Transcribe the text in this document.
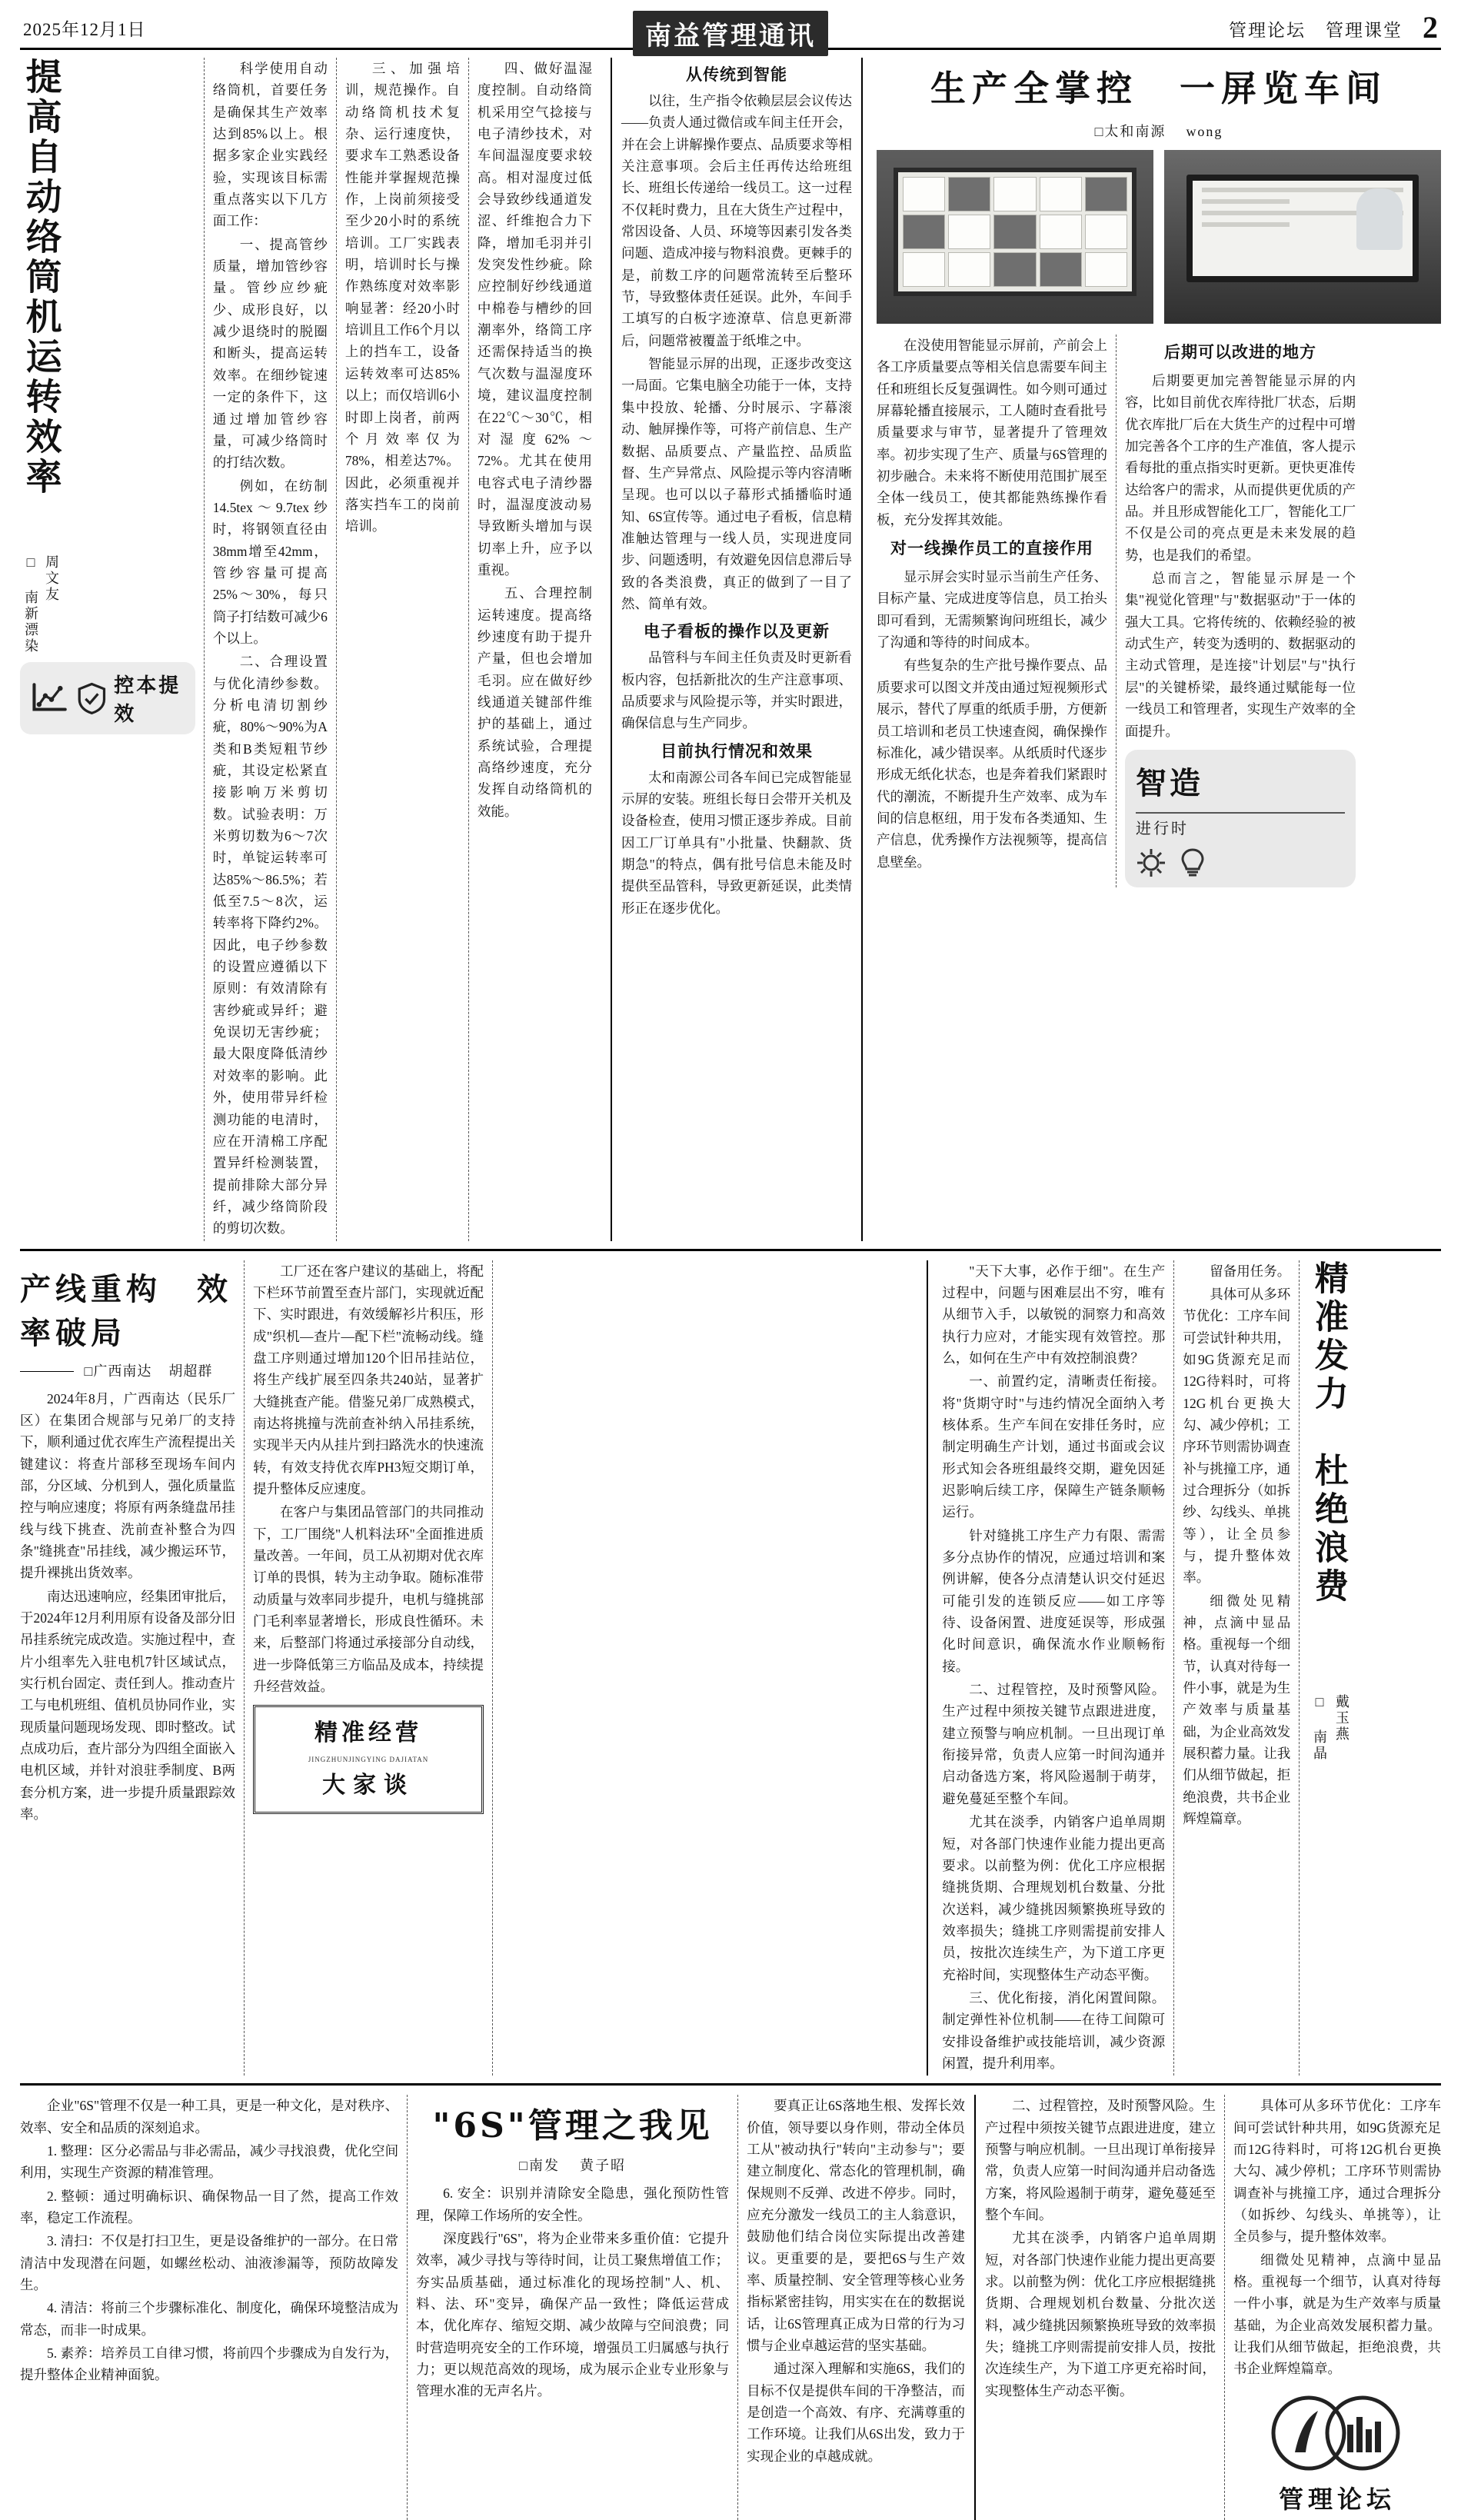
2025年12月1日	南益管理通讯	管理论坛 管理课堂 2
提高自动络筒机运转效率
□ 南新漂染 周文友
控本提效

科学使用自动络筒机，首要任务是确保其生产效率达到85%以上。根据多家企业实践经验，实现该目标需重点落实以下几方面工作：

一、提高管纱质量，增加管纱容量。管纱应纱疵少、成形良好，以减少退绕时的脱圈和断头，提高运转效率。在细纱锭速一定的条件下，这通过增加管纱容量，可减少络筒时的打结次数。

例如，在纺制14.5tex～9.7tex纱时，将钢领直径由38mm增至42mm，管纱容量可提高25%～30%，每只筒子打结数可减少6个以上。

二、合理设置与优化清纱参数。分析电清切割纱疵，80%～90%为A类和B类短粗节纱疵，其设定松紧直接影响万米剪切数。试验表明：万米剪切数为6～7次时，单锭运转率可达85%～86.5%；若低至7.5～8次，运转率将下降约2%。因此，电子纱参数的设置应遵循以下原则：有效清除有害纱疵或异纤；避免误切无害纱疵；最大限度降低清纱对效率的影响。此外，使用带异纤检测功能的电清时，应在开清棉工序配置异纤检测装置，提前排除大部分异纤，减少络筒阶段的剪切次数。

三、加强培训，规范操作。自动络筒机技术复杂、运行速度快，要求车工熟悉设备性能并掌握规范操作，上岗前须接受至少20小时的系统培训。工厂实践表明，培训时长与操作熟练度对效率影响显著：经20小时培训且工作6个月以上的挡车工，设备运转效率可达85%以上；而仅培训6小时即上岗者，前两个月效率仅为78%，相差达7%。因此，必须重视并落实挡车工的岗前培训。

四、做好温湿度控制。自动络筒机采用空气捻接与电子清纱技术，对车间温湿度要求较高。相对湿度过低会导致纱线通道发涩、纤维抱合力下降，增加毛羽并引发突发性纱疵。除应控制好纱线通道中棉卷与槽纱的回潮率外，络筒工序还需保持适当的换气次数与温湿度环境，建议温度控制在22℃～30℃，相对湿度62%～72%。尤其在使用电容式电子清纱器时，温湿度波动易导致断头增加与误切率上升，应予以重视。

五、合理控制运转速度。提高络纱速度有助于提升产量，但也会增加毛羽。应在做好纱线通道关键部件维护的基础上，通过系统试验，合理提高络纱速度，充分发挥自动络筒机的效能。

从传统到智能

以往，生产指令依赖层层会议传达——负责人通过微信或车间主任开会，并在会上讲解操作要点、品质要求等相关注意事项。会后主任再传达给班组长、班组长传递给一线员工。这一过程不仅耗时费力，且在大货生产过程中，常因设备、人员、环境等因素引发各类问题、造成冲接与物料浪费。更棘手的是，前数工序的问题常流转至后整环节，导致整体责任延误。此外，车间手工填写的白板字迹潦草、信息更新滞后，问题常被覆盖于纸堆之中。

智能显示屏的出现，正逐步改变这一局面。它集电脑全功能于一体，支持集中投放、轮播、分时展示、字幕滚动、触屏操作等，可将产前信息、生产数据、品质要点、产量监控、品质监督、生产异常点、风险提示等内容清晰呈现。也可以以子幕形式插播临时通知、6S宣传等。通过电子看板，信息精准触达管理与一线人员，实现进度同步、问题透明，有效避免因信息滞后导致的各类浪费，真正的做到了一目了然、简单有效。

电子看板的操作以及更新

品管科与车间主任负责及时更新看板内容，包括新批次的生产注意事项、品质要求与风险提示等，并实时跟进，确保信息与生产同步。

目前执行情况和效果

太和南源公司各车间已完成智能显示屏的安装。班组长每日会带开关机及设备检查，使用习惯正逐步养成。目前因工厂订单具有"小批量、快翻款、货期急"的特点，偶有批号信息未能及时提供至品管科，导致更新延误，此类情形正在逐步优化。

生产全掌控　一屏览车间
□太和南源 wong

在没使用智能显示屏前，产前会上各工序质量要点等相关信息需要车间主任和班组长反复强调性。如今则可通过屏幕轮播直接展示，工人随时查看批号质量要求与审节，显著提升了管理效率。初步实现了生产、质量与6S管理的初步融合。未来将不断使用范围扩展至全体一线员工，使其都能熟练操作看板，充分发挥其效能。

对一线操作员工的直接作用

显示屏会实时显示当前生产任务、目标产量、完成进度等信息，员工抬头即可看到，无需频繁询问班组长，减少了沟通和等待的时间成本。

有些复杂的生产批号操作要点、品质要求可以图文并茂由通过短视频形式展示，替代了厚重的纸质手册，方便新员工培训和老员工快速查阅，确保操作标准化，减少错误率。从纸质时代逐步形成无纸化状态，也是奔着我们紧跟时代的潮流，不断提升生产效率、成为车间的信息枢纽，用于发布各类通知、生产信息，优秀操作方法视频等，提高信息壁垒。

后期可以改进的地方

后期要更加完善智能显示屏的内容，比如目前优衣库待批厂状态，后期优衣库批厂后在大货生产的过程中可增加完善各个工序的生产准值，客人提示看每批的重点指实时更新。更快更准传达给客户的需求，从而提供更优质的产品。并且形成智能化工厂，智能化工厂不仅是公司的亮点更是未来发展的趋势，也是我们的希望。

总而言之，智能显示屏是一个集"视觉化管理"与"数据驱动"于一体的强大工具。它将传统的、依赖经验的被动式生产，转变为透明的、数据驱动的主动式管理，是连接"计划层"与"执行层"的关键桥梁，最终通过赋能每一位一线员工和管理者，实现生产效率的全面提升。

智造
进行时
产线重构　效率破局
□广西南达 胡超群

2024年8月，广西南达（民乐厂区）在集团合规部与兄弟厂的支持下，顺利通过优衣库生产流程提出关键建议：将查片部移至现场车间内部，分区域、分机到人，强化质量监控与响应速度；将原有两条缝盘吊挂线与线下挑查、洗前查补整合为四条"缝挑查"吊挂线，减少搬运环节，提升裸挑出货效率。

南达迅速响应，经集团审批后，于2024年12月利用原有设备及部分旧吊挂系统完成改造。实施过程中，查片小组率先入驻电机7针区域试点，实行机台固定、责任到人。推动查片工与电机班组、值机员协同作业，实现质量问题现场发现、即时整改。试点成功后，查片部分为四组全面嵌入电机区域，并针对浪驻季制度、B两套分机方案，进一步提升质量跟踪效率。

工厂还在客户建议的基础上，将配下栏环节前置至查片部门，实现就近配下、实时跟进，有效缓解衫片积压，形成"织机—查片—配下栏"流畅动线。缝盘工序则通过增加120个旧吊挂站位，将生产线扩展至四条共240站，显著扩大缝挑查产能。借鉴兄弟厂成熟模式，南达将挑撞与洗前查补纳入吊挂系统，实现半天内从挂片到扫路洗水的快速流转，有效支持优衣库PH3短交期订单，提升整体反应速度。

在客户与集团品管部门的共同推动下，工厂围绕"人机料法环"全面推进质量改善。一年间，员工从初期对优衣库订单的畏惧，转为主动争取。随标准带动质量与效率同步提升，电机与缝挑部门毛利率显著增长，形成良性循环。未来，后整部门将通过承接部分自动线，进一步降低第三方临品及成本，持续提升经营效益。

精准经营
JINGZHUNJINGYING DAJIATAN
大家谈

"天下大事，必作于细"。在生产过程中，问题与困难层出不穷，唯有从细节入手，以敏锐的洞察力和高效执行力应对，才能实现有效管控。那么，如何在生产中有效控制浪费？

一、前置约定，清晰责任衔接。将"货期守时"与违约情况全面纳入考核体系。生产车间在安排任务时，应制定明确生产计划，通过书面或会议形式知会各班组最终交期，避免因延迟影响后续工序，保障生产链条顺畅运行。

针对缝挑工序生产力有限、需需多分点协作的情况，应通过培训和案例讲解，使各分点清楚认识交付延迟可能引发的连锁反应——如工序等待、设备闲置、进度延误等，形成强化时间意识，确保流水作业顺畅衔接。

二、过程管控，及时预警风险。生产过程中须按关键节点跟进进度，建立预警与响应机制。一旦出现订单衔接异常，负责人应第一时间沟通并启动备选方案，将风险遏制于萌芽，避免蔓延至整个车间。

尤其在淡季，内销客户追单周期短，对各部门快速作业能力提出更高要求。以前整为例：优化工序应根据缝挑货期、合理规划机台数量、分批次送料，减少缝挑因频繁换班导致的效率损失；缝挑工序则需提前安排人员，按批次连续生产，为下道工序更充裕时间，实现整体生产动态平衡。

三、优化衔接，消化闲置间隙。制定弹性补位机制——在待工间隙可安排设备维护或技能培训，减少资源闲置，提升利用率。

留备用任务。

具体可从多环节优化：工序车间可尝试针种共用，如9G货源充足而12G待料时，可将12G机台更换大勾、减少停机；工序环节则需协调查补与挑撞工序，通过合理拆分（如拆纱、勾线头、单挑等），让全员参与，提升整体效率。

细微处见精神，点滴中显品格。重视每一个细节，认真对待每一件小事，就是为生产效率与质量基础，为企业高效发展积蓄力量。让我们从细节做起，拒绝浪费，共书企业辉煌篇章。

精准发力　杜绝浪费
□ 南晶 戴玉燕

企业"6S"管理不仅是一种工具，更是一种文化，是对秩序、效率、安全和品质的深刻追求。

1. 整理：区分必需品与非必需品，减少寻找浪费，优化空间利用，实现生产资源的精准管理。

2. 整顿：通过明确标识、确保物品一目了然，提高工作效率，稳定工作流程。

3. 清扫：不仅是打扫卫生，更是设备维护的一部分。在日常清洁中发现潜在问题，如螺丝松动、油液渗漏等，预防故障发生。

4. 清洁：将前三个步骤标准化、制度化，确保环境整洁成为常态，而非一时成果。

5. 素养：培养员工自律习惯，将前四个步骤成为自发行为，提升整体企业精神面貌。

"6S"管理之我见
□南发 黄子昭

6. 安全：识别并清除安全隐患，强化预防性管理，保障工作场所的安全性。

深度践行"6S"，将为企业带来多重价值：它提升效率，减少寻找与等待时间，让员工聚焦增值工作；夯实品质基础，通过标准化的现场控制"人、机、料、法、环"变异，确保产品一致性；降低运营成本，优化库存、缩短交期、减少故障与空间浪费；同时营造明亮安全的工作环境，增强员工归属感与执行力；更以规范高效的现场，成为展示企业专业形象与管理水准的无声名片。

要真正让6S落地生根、发挥长效价值，领导要以身作则，带动全体员工从"被动执行"转向"主动参与"；要建立制度化、常态化的管理机制，确保规则不反弹、改进不停步。同时，应充分激发一线员工的主人翁意识，鼓励他们结合岗位实际提出改善建议。更重要的是，要把6S与生产效率、质量控制、安全管理等核心业务指标紧密挂钩，用实实在在的数据说话，让6S管理真正成为日常的行为习惯与企业卓越运营的坚实基础。

通过深入理解和实施6S，我们的目标不仅是提供车间的干净整洁，而是创造一个高效、有序、充满尊重的工作环境。让我们从6S出发，致力于实现企业的卓越成就。

二、过程管控，及时预警风险。生产过程中须按关键节点跟进进度，建立预警与响应机制。一旦出现订单衔接异常，负责人应第一时间沟通并启动备选方案，将风险遏制于萌芽，避免蔓延至整个车间。

尤其在淡季，内销客户追单周期短，对各部门快速作业能力提出更高要求。以前整为例：优化工序应根据缝挑货期、合理规划机台数量、分批次送料，减少缝挑因频繁换班导致的效率损失；缝挑工序则需提前安排人员，按批次连续生产，为下道工序更充裕时间，实现整体生产动态平衡。

具体可从多环节优化：工序车间可尝试针种共用，如9G货源充足而12G待料时，可将12G机台更换大勾、减少停机；工序环节则需协调查补与挑撞工序，通过合理拆分（如拆纱、勾线头、单挑等），让全员参与，提升整体效率。

细微处见精神，点滴中显品格。重视每一个细节，认真对待每一件小事，就是为生产效率与质量基础，为企业高效发展积蓄力量。让我们从细节做起，拒绝浪费，共书企业辉煌篇章。

管理论坛
